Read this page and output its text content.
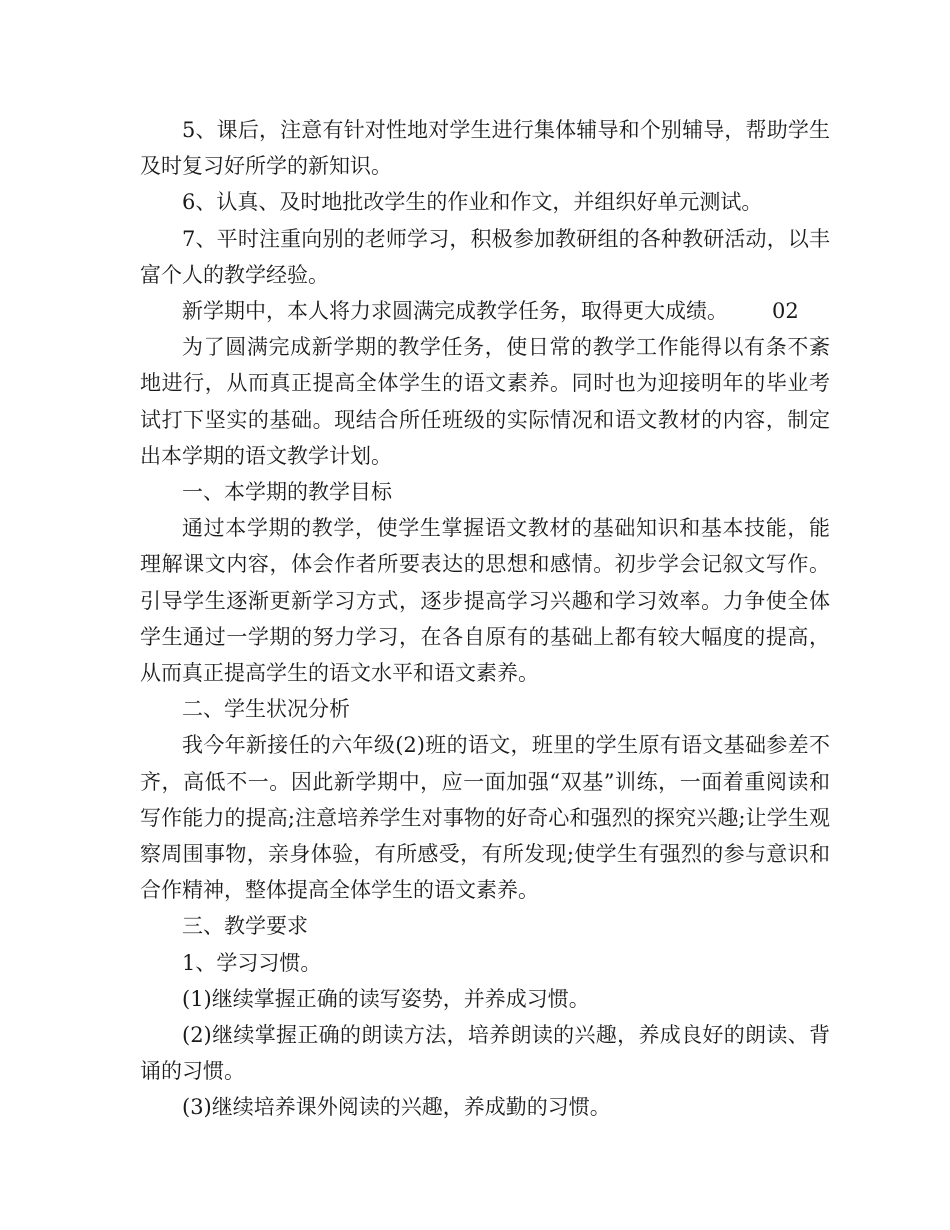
5、课后，注意有针对性地对学生进行集体辅导和个别辅导，帮助学生及时复习好所学的新知识。

6、认真、及时地批改学生的作业和作文，并组织好单元测试。

7、平时注重向别的老师学习，积极参加教研组的各种教研活动，以丰富个人的教学经验。

新学期中，本人将力求圆满完成教学任务，取得更大成绩。 02

为了圆满完成新学期的教学任务，使日常的教学工作能得以有条不紊地进行，从而真正提高全体学生的语文素养。同时也为迎接明年的毕业考试打下坚实的基础。现结合所任班级的实际情况和语文教材的内容，制定出本学期的语文教学计划。

一、本学期的教学目标

通过本学期的教学，使学生掌握语文教材的基础知识和基本技能，能理解课文内容，体会作者所要表达的思想和感情。初步学会记叙文写作。引导学生逐渐更新学习方式，逐步提高学习兴趣和学习效率。力争使全体学生通过一学期的努力学习，在各自原有的基础上都有较大幅度的提高，从而真正提高学生的语文水平和语文素养。

二、学生状况分析

我今年新接任的六年级(2)班的语文，班里的学生原有语文基础参差不齐，高低不一。因此新学期中，应一面加强“双基”训练，一面着重阅读和写作能力的提高;注意培养学生对事物的好奇心和强烈的探究兴趣;让学生观察周围事物，亲身体验，有所感受，有所发现;使学生有强烈的参与意识和合作精神，整体提高全体学生的语文素养。

三、教学要求

1、学习习惯。

(1)继续掌握正确的读写姿势，并养成习惯。

(2)继续掌握正确的朗读方法，培养朗读的兴趣，养成良好的朗读、背诵的习惯。

(3)继续培养课外阅读的兴趣，养成勤的习惯。
